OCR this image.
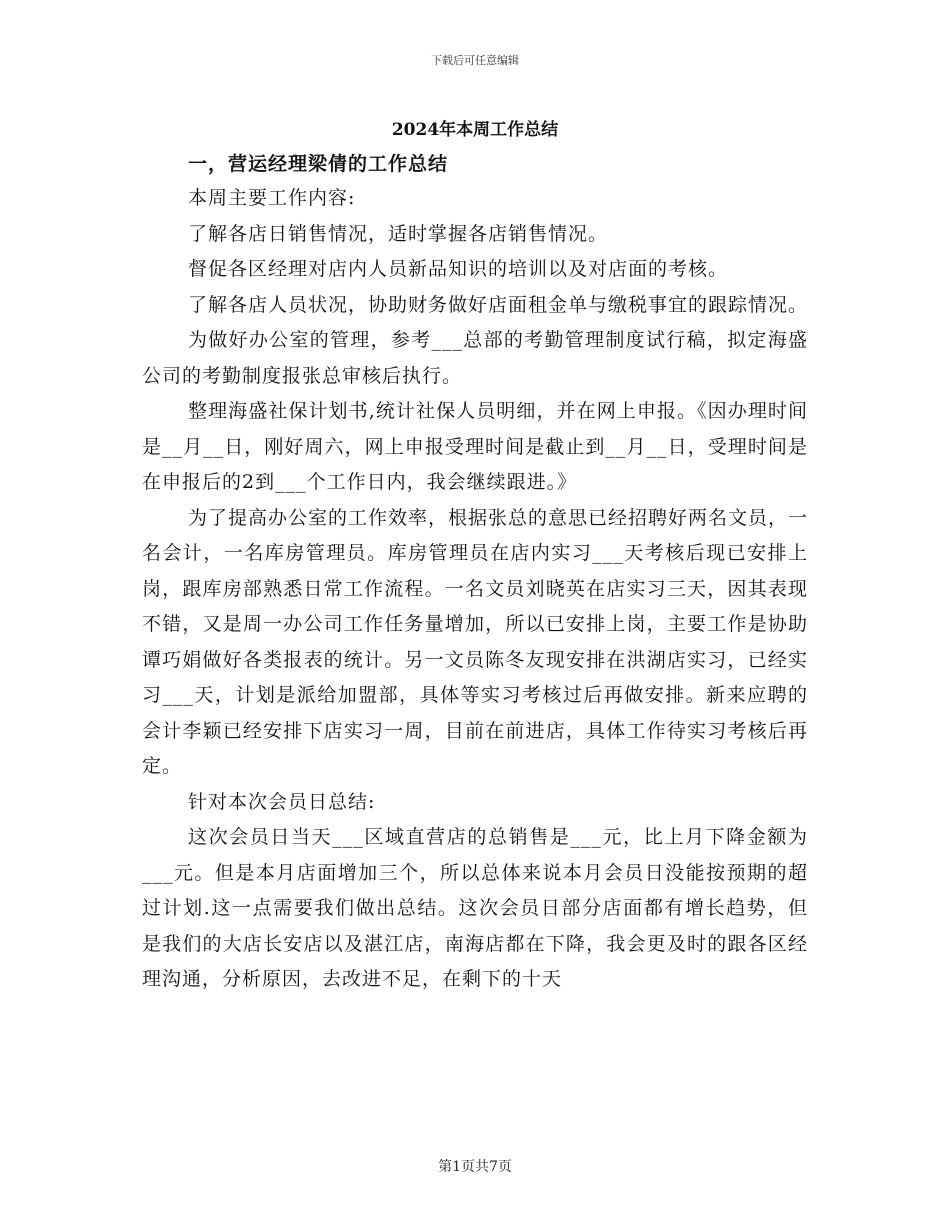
下载后可任意编辑
2024年本周工作总结

一，营运经理梁倩的工作总结

本周主要工作内容:

了解各店日销售情况，适时掌握各店销售情况。

督促各区经理对店内人员新品知识的培训以及对店面的考核。

了解各店人员状况，协助财务做好店面租金单与缴税事宜的跟踪情况。

为做好办公室的管理，参考___总部的考勤管理制度试行稿，拟定海盛公司的考勤制度报张总审核后执行。

整理海盛社保计划书,统计社保人员明细，并在网上申报。《因办理时间是__月__日，刚好周六，网上申报受理时间是截止到__月__日，受理时间是在申报后的2到___个工作日内，我会继续跟进。》

为了提高办公室的工作效率，根据张总的意思已经招聘好两名文员，一名会计，一名库房管理员。库房管理员在店内实习___天考核后现已安排上岗，跟库房部熟悉日常工作流程。一名文员刘晓英在店实习三天，因其表现不错，又是周一办公司工作任务量增加，所以已安排上岗，主要工作是协助谭巧娟做好各类报表的统计。另一文员陈冬友现安排在洪湖店实习，已经实习___天，计划是派给加盟部，具体等实习考核过后再做安排。新来应聘的会计李颖已经安排下店实习一周，目前在前进店，具体工作待实习考核后再定。

针对本次会员日总结:

这次会员日当天___区域直营店的总销售是___元，比上月下降金额为___元。但是本月店面增加三个，所以总体来说本月会员日没能按预期的超过计划.这一点需要我们做出总结。这次会员日部分店面都有增长趋势，但是我们的大店长安店以及湛江店，南海店都在下降，我会更及时的跟各区经理沟通，分析原因，去改进不足，在剩下的十天

第1页共7页
